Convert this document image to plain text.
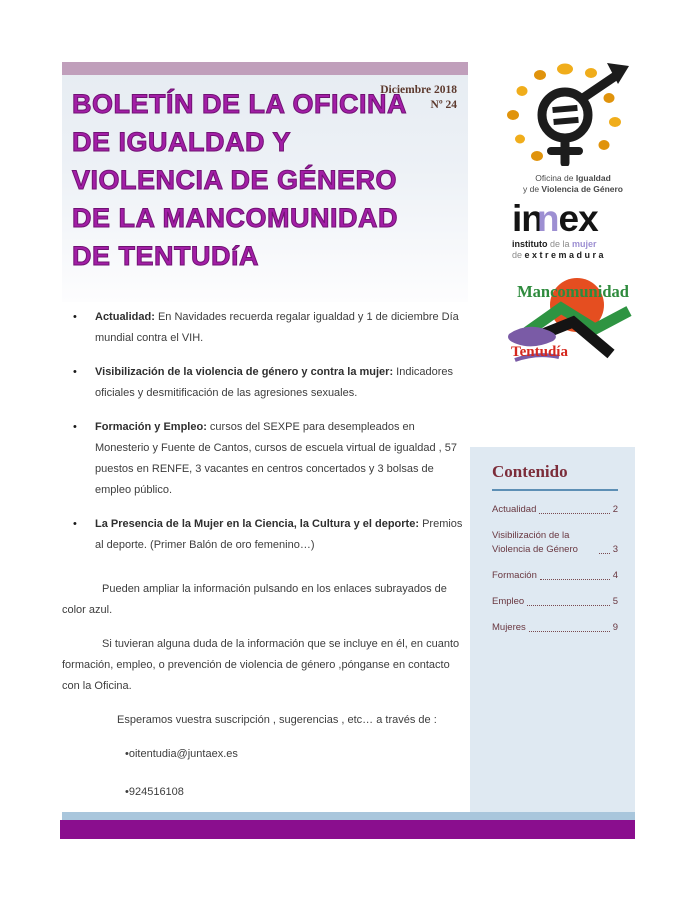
Diciembre 2018
Nº 24
BOLETÍN DE LA OFICINA
DE IGUALDAD Y
VIOLENCIA DE GÉNERO
DE LA MANCOMUNIDAD
DE TENTUDíA
Oficina de Igualdad
y de Violencia de Género
innex
instituto de la mujer
de extremadura
Mancomunidad
Tentudía
•	Actualidad: En Navidades recuerda regalar igualdad y 1 de diciembre Día mundial contra el VIH.
•	Visibilización de la violencia de género y contra la mujer: Indicadores oficiales y desmitificación de las agresiones sexuales.
•	Formación y Empleo: cursos del SEXPE para desempleados en Monesterio y Fuente de Cantos, cursos de escuela virtual de igualdad , 57 puestos en RENFE, 3 vacantes en centros concertados y 3 bolsas de empleo público.
•	La Presencia de la Mujer en la Ciencia, la Cultura y el deporte: Premios al deporte. (Primer Balón de oro femenino…)

Pueden ampliar la información pulsando en los enlaces subrayados de color azul.

Si tuvieran alguna duda de la información que se incluye en él, en cuanto formación, empleo, o prevención de violencia de género ,pónganse en contacto con la Oficina.

Esperamos vuestra suscripción , sugerencias , etc… a través de :

•oitentudia@juntaex.es

•924516108

Contenido
Actualidad	2
Visibilización de la Violencia de Género	3
Formación	4
Empleo	5
Mujeres	9
